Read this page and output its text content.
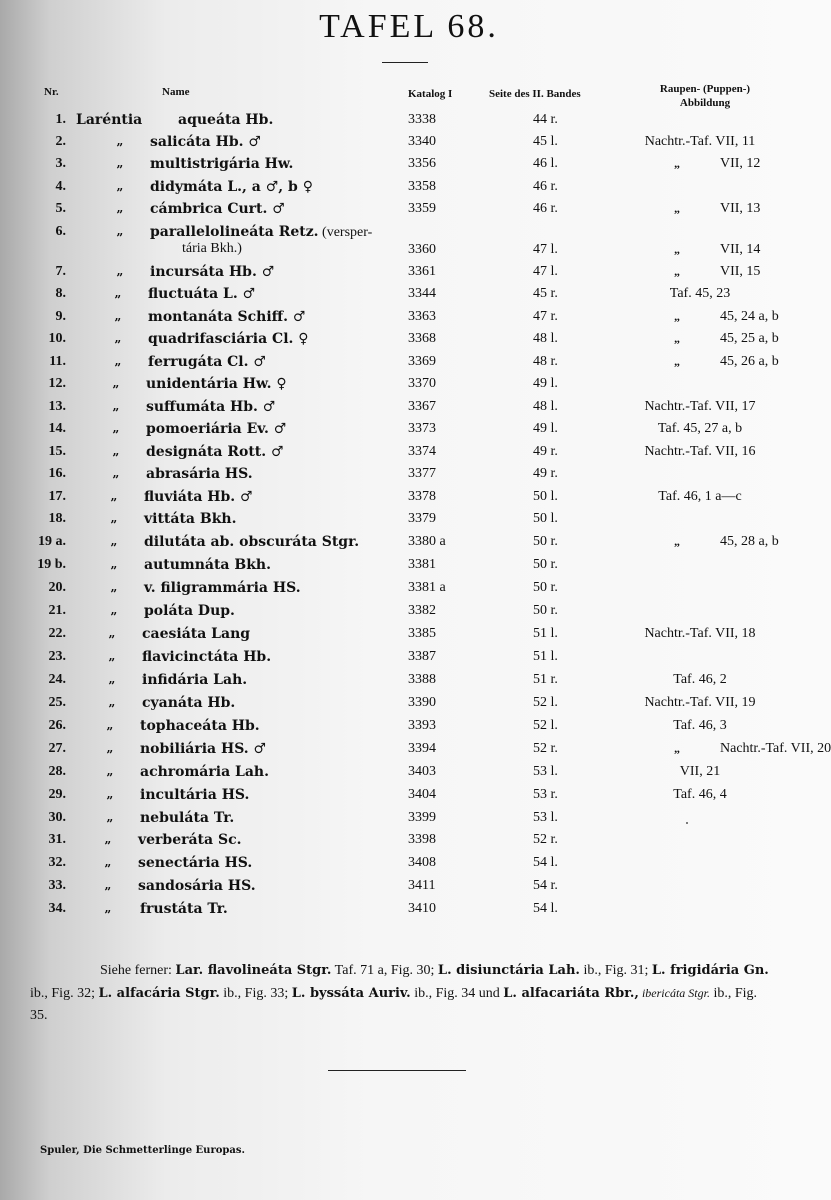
TAFEL 68.
Nr.	Name	Katalog I	Seite des II. Bandes	Raupen- (Puppen-)
Abbildung
1. Laréntia	aqueáta Hb.	3338	44 r.
2.	„	salicáta Hb. ♂	3340	45 l.	Nachtr.-Taf. VII, 11
3.	„	multistrigária Hw.	3356	46 l.	„	VII, 12
4.	„	didymáta L., a ♂, b ♀	3358	46 r.
5.	„	cámbrica Curt. ♂	3359	46 r.	„	VII, 13
6.	„	parallelolineáta Retz. (versper-
tária Bkh.)	3360	47 l.	„	VII, 14
7.	„	incursáta Hb. ♂	3361	47 l.	„	VII, 15
8.	„	fluctuáta L. ♂	3344	45 r.	Taf. 45, 23
9.	„	montanáta Schiff. ♂	3363	47 r.	„	45, 24 a, b
10.	„	quadrifasciária Cl. ♀	3368	48 l.	„	45, 25 a, b
11.	„	ferrugáta Cl. ♂	3369	48 r.	„	45, 26 a, b
12.	„	unidentária Hw. ♀	3370	49 l.
13.	„	suffumáta Hb. ♂	3367	48 l.	Nachtr.-Taf. VII, 17
14.	„	pomoeriária Ev. ♂	3373	49 l.	Taf. 45, 27 a, b
15.	„	designáta Rott. ♂	3374	49 r.	Nachtr.-Taf. VII, 16
16.	„	abrasária HS.	3377	49 r.
17.	„	fluviáta Hb. ♂	3378	50 l.	Taf. 46, 1 a—c
18.	„	vittáta Bkh.	3379	50 l.
19 a.	„	dilutáta ab. obscuráta Stgr.	3380 a	50 r.	„	45, 28 a, b
19 b.	„	autumnáta Bkh.	3381	50 r.
20.	„	v. filigrammária HS.	3381 a	50 r.
21.	„	poláta Dup.	3382	50 r.
22.	„	caesiáta Lang	3385	51 l.	Nachtr.-Taf. VII, 18
23.	„	flavicinctáta Hb.	3387	51 l.
24.	„	infidária Lah.	3388	51 r.	Taf. 46, 2
25.	„	cyanáta Hb.	3390	52 l.	Nachtr.-Taf. VII, 19
26.	„	tophaceáta Hb.	3393	52 l.	Taf. 46, 3
27.	„	nobiliária HS. ♂	3394	52 r.	„	Nachtr.-Taf. VII, 20
28.	„	achromária Lah.	3403	53 l.	VII, 21
29.	„	incultária HS.	3404	53 r.	Taf. 46, 4
30.	„	nebuláta Tr.	3399	53 l.
31.	„	verberáta Sc.	3398	52 r.
32.	„	senectária HS.	3408	54 l.
33.	„	sandosária HS.	3411	54 r.
34.	„	frustáta Tr.	3410	54 l.
Siehe ferner: Lar. flavolineáta Stgr. Taf. 71 a, Fig. 30; L. disiunctária Lah. ib., Fig. 31; L. frigidária Gn. ib., Fig. 32; L. alfacária Stgr. ib., Fig. 33; L. byssáta Auriv. ib., Fig. 34 und L. alfacariáta Rbr., ibericáta Stgr. ib., Fig. 35.
Spuler, Die Schmetterlinge Europas.
